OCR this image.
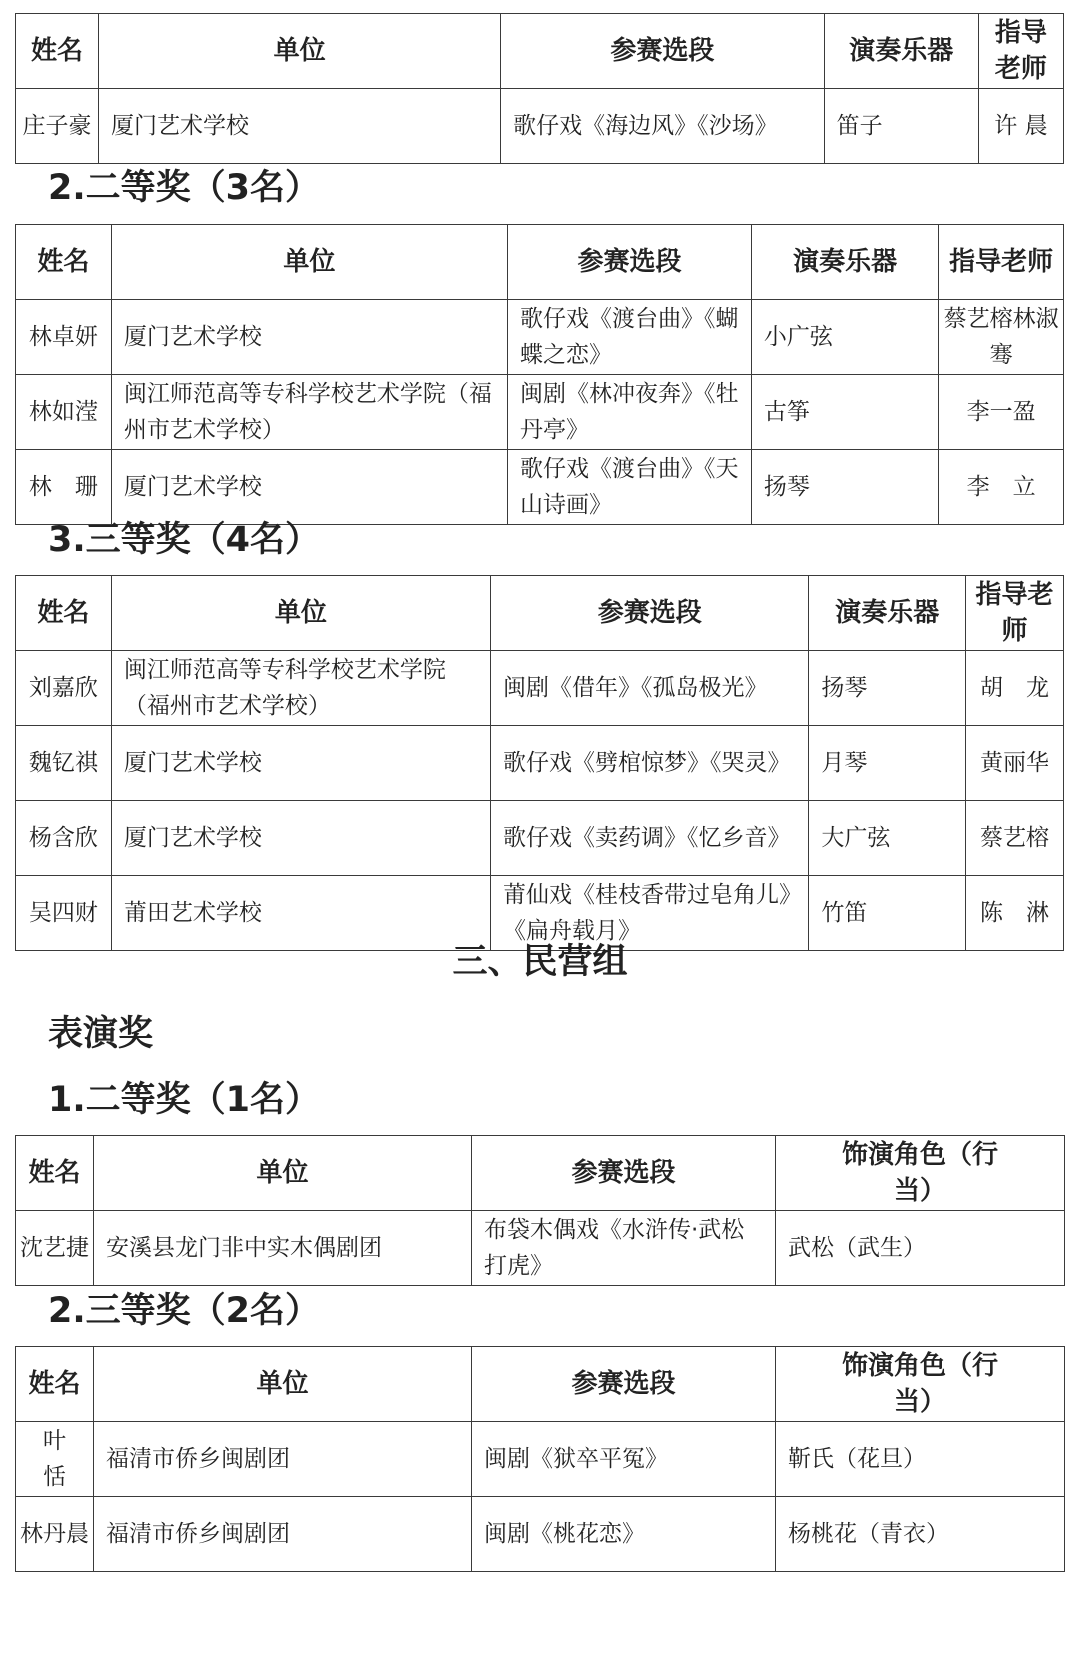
姓名	单位	参赛选段	演奏乐器	指导老师
庄子豪	厦门艺术学校	歌仔戏《海边风》《沙场》	笛子	许 晨
2.二等奖（3名）
姓名	单位	参赛选段	演奏乐器	指导老师
林卓妍	厦门艺术学校	歌仔戏《渡台曲》《蝴蝶之恋》	小广弦	蔡艺榕林淑骞
林如滢	闽江师范高等专科学校艺术学院（福州市艺术学校）	闽剧《林冲夜奔》《牡丹亭》	古筝	李一盈
林　珊	厦门艺术学校	歌仔戏《渡台曲》《天山诗画》	扬琴	李　立
3.三等奖（4名）
姓名	单位	参赛选段	演奏乐器	指导老师
刘嘉欣	闽江师范高等专科学校艺术学院（福州市艺术学校）	闽剧《借年》《孤岛极光》	扬琴	胡　龙
魏钇祺	厦门艺术学校	歌仔戏《劈棺惊梦》《哭灵》	月琴	黄丽华
杨含欣	厦门艺术学校	歌仔戏《卖药调》《忆乡音》	大广弦	蔡艺榕
吴四财	莆田艺术学校	莆仙戏《桂枝香带过皂角儿》《扁舟载月》	竹笛	陈　淋
三、民营组
表演奖
1.二等奖（1名）
姓名	单位	参赛选段	饰演角色（行当）
沈艺捷	安溪县龙门非中实木偶剧团	布袋木偶戏《水浒传·武松打虎》	武松（武生）
2.三等奖（2名）
姓名	单位	参赛选段	饰演角色（行当）
叶恬	福清市侨乡闽剧团	闽剧《狱卒平冤》	靳氏（花旦）
林丹晨	福清市侨乡闽剧团	闽剧《桃花恋》	杨桃花（青衣）
